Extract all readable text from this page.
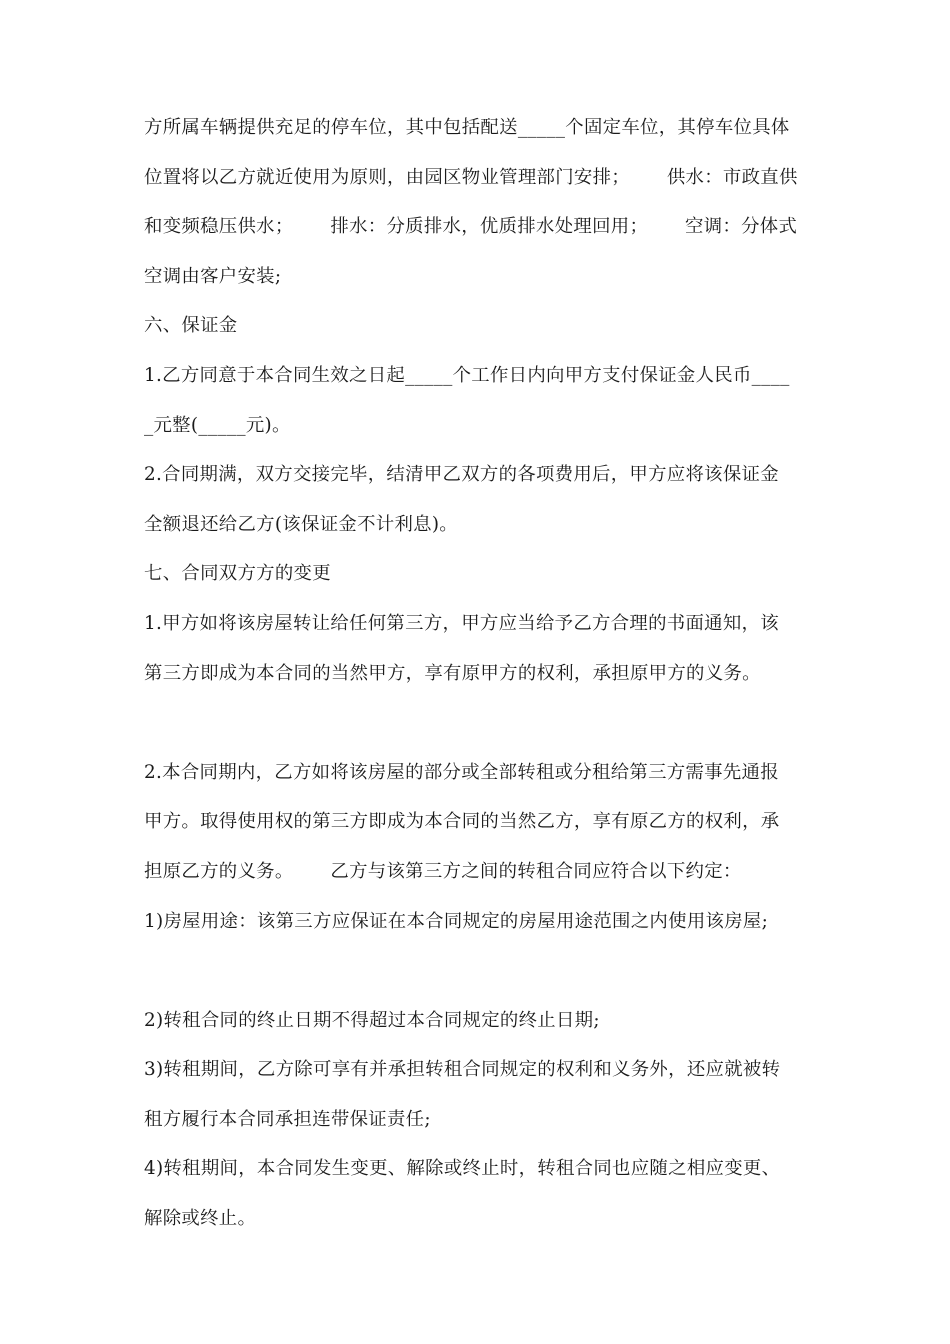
方所属车辆提供充足的停车位，其中包括配送_____个固定车位，其停车位具体
位置将以乙方就近使用为原则，由园区物业管理部门安排；      供水：市政直供
和变频稳压供水；      排水：分质排水，优质排水处理回用；      空调：分体式
空调由客户安装;
六、保证金
1.乙方同意于本合同生效之日起_____个工作日内向甲方支付保证金人民币____
_元整(_____元)。
2.合同期满，双方交接完毕，结清甲乙双方的各项费用后，甲方应将该保证金
全额退还给乙方(该保证金不计利息)。
七、合同双方方的变更
1.甲方如将该房屋转让给任何第三方，甲方应当给予乙方合理的书面通知，该
第三方即成为本合同的当然甲方，享有原甲方的权利，承担原甲方的义务。
2.本合同期内，乙方如将该房屋的部分或全部转租或分租给第三方需事先通报
甲方。取得使用权的第三方即成为本合同的当然乙方，享有原乙方的权利，承
担原乙方的义务。      乙方与该第三方之间的转租合同应符合以下约定：
1)房屋用途：该第三方应保证在本合同规定的房屋用途范围之内使用该房屋;
2)转租合同的终止日期不得超过本合同规定的终止日期;
3)转租期间，乙方除可享有并承担转租合同规定的权利和义务外，还应就被转
租方履行本合同承担连带保证责任;
4)转租期间，本合同发生变更、解除或终止时，转租合同也应随之相应变更、
解除或终止。
